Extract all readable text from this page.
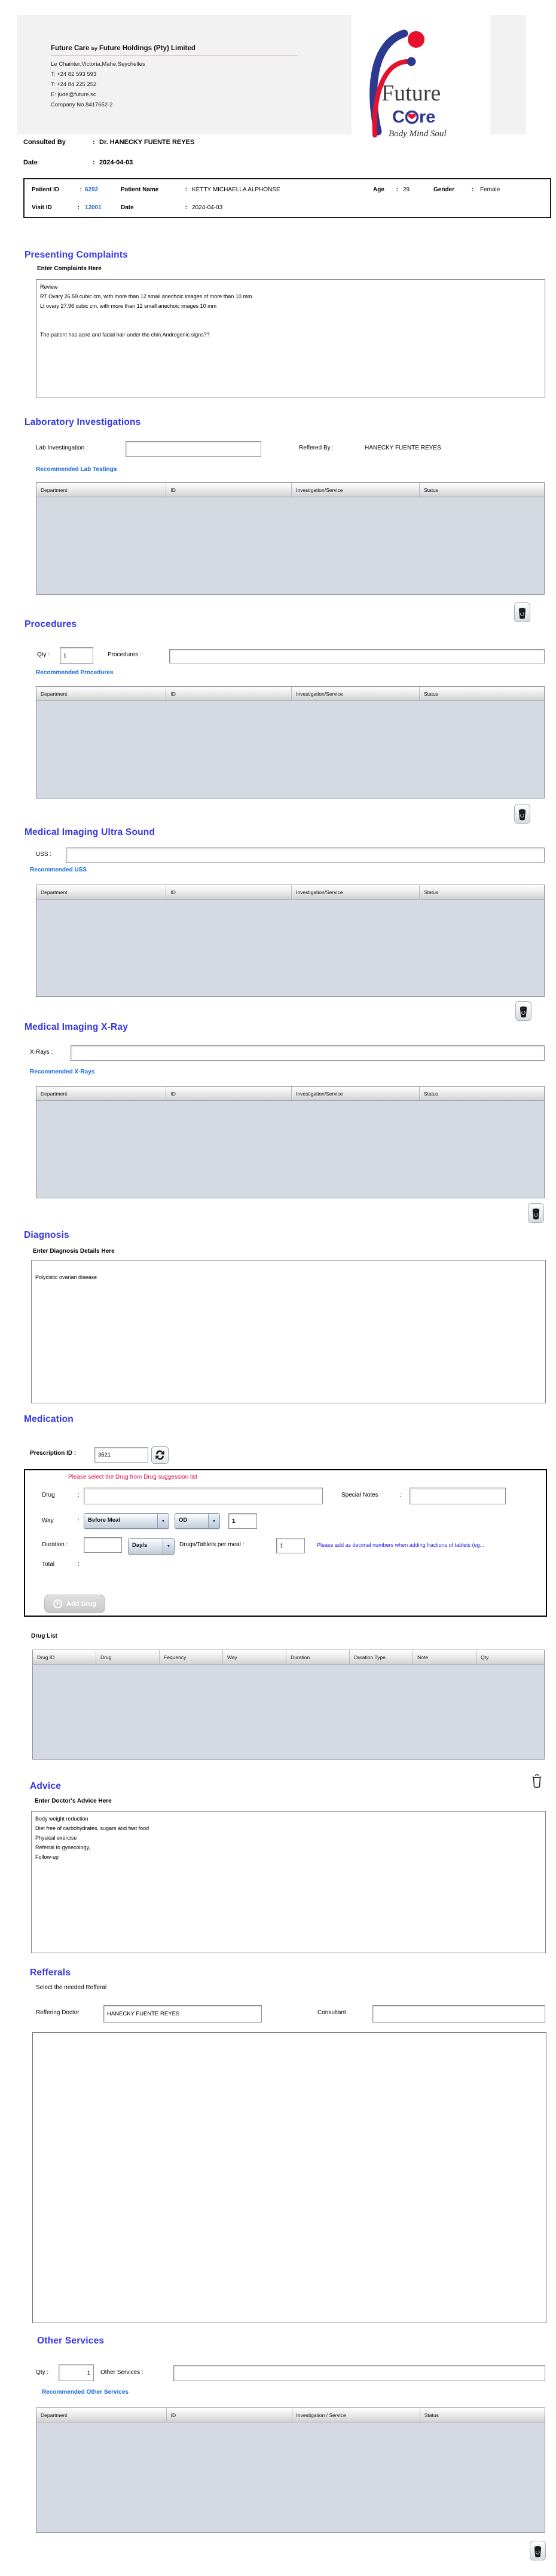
Future Care by Future Holdings (Pty) Limited
Le Chainter,Victoria,Mahe,Seychelles
T: +24 82 593 593
T: +24 84 225 252
E: jude@future.sc
Company No.8417652-2	Future
C re
Body Mind Soul
Consulted By	: Dr. HANECKY FUENTE REYES
Date	: 2024-04-03
Patient ID	: 6292	Patient Name	: KETTY MICHAELLA ALPHONSE	Age : 29	Gender	: Female
Visit ID	: 12001	Date	: 2024-04-03
Presenting Complaints
Enter Complaints Here
Review RT Ovary 26.59 cubic cm, with more than 12 small anechoic images of more than 10 mm. Lt ovary 27.96 cubic cm, with more than 12 small anechoic images 10 mm The patient has acne and facial hair under the chin.Androgenic signs??
Laboratory Investigations
Lab Investingation :	Reffered By :	HANECKY FUENTE REYES
Recommended Lab Testings
Department	ID	Investigation/Service	Status
Procedures
Qty :
1	Procedures :
Recommended Procedures
Department	ID	Investigation/Service	Status
Medical Imaging Ultra Sound
USS :
Recommended USS
Department	ID	Investigation/Service	Status
Medical Imaging X-Ray
X-Rays :
Recommended X-Rays
Department	ID	Investigation/Service	Status
Diagnosis
Enter Diagnosis Details Here
Polycistic ovarian disease
Medication
Prescription ID :
3521
Please select the Drug from Drug suggession list
Drug	:	Special Notes	:
Way	:	Before Meal	▼	OD	▼
1
Duration :	Day/s	▼	Drugs/Tablets per meal :
1	Please add as decimal numbers when adding fractions of tablets (eg...
Total	:
+	Add Drug
Drug List
Drug ID	Drug	Fequency	Way	Duration	Duration Type	Note	Qty
Advice
Enter Doctor's Advice Here
Body weight reduction Diet free of carbohydrates, sugars and fast food Physical exercise Referral to gynecology, Follow-up
Refferals
Select the needed Refferal
Reffering Doctor
HANECKY FUENTE REYES	Consultant
Other Services
Qty :
1	Other Services :
Recommended Other Services
Department	ID	Investigation / Service	Status
